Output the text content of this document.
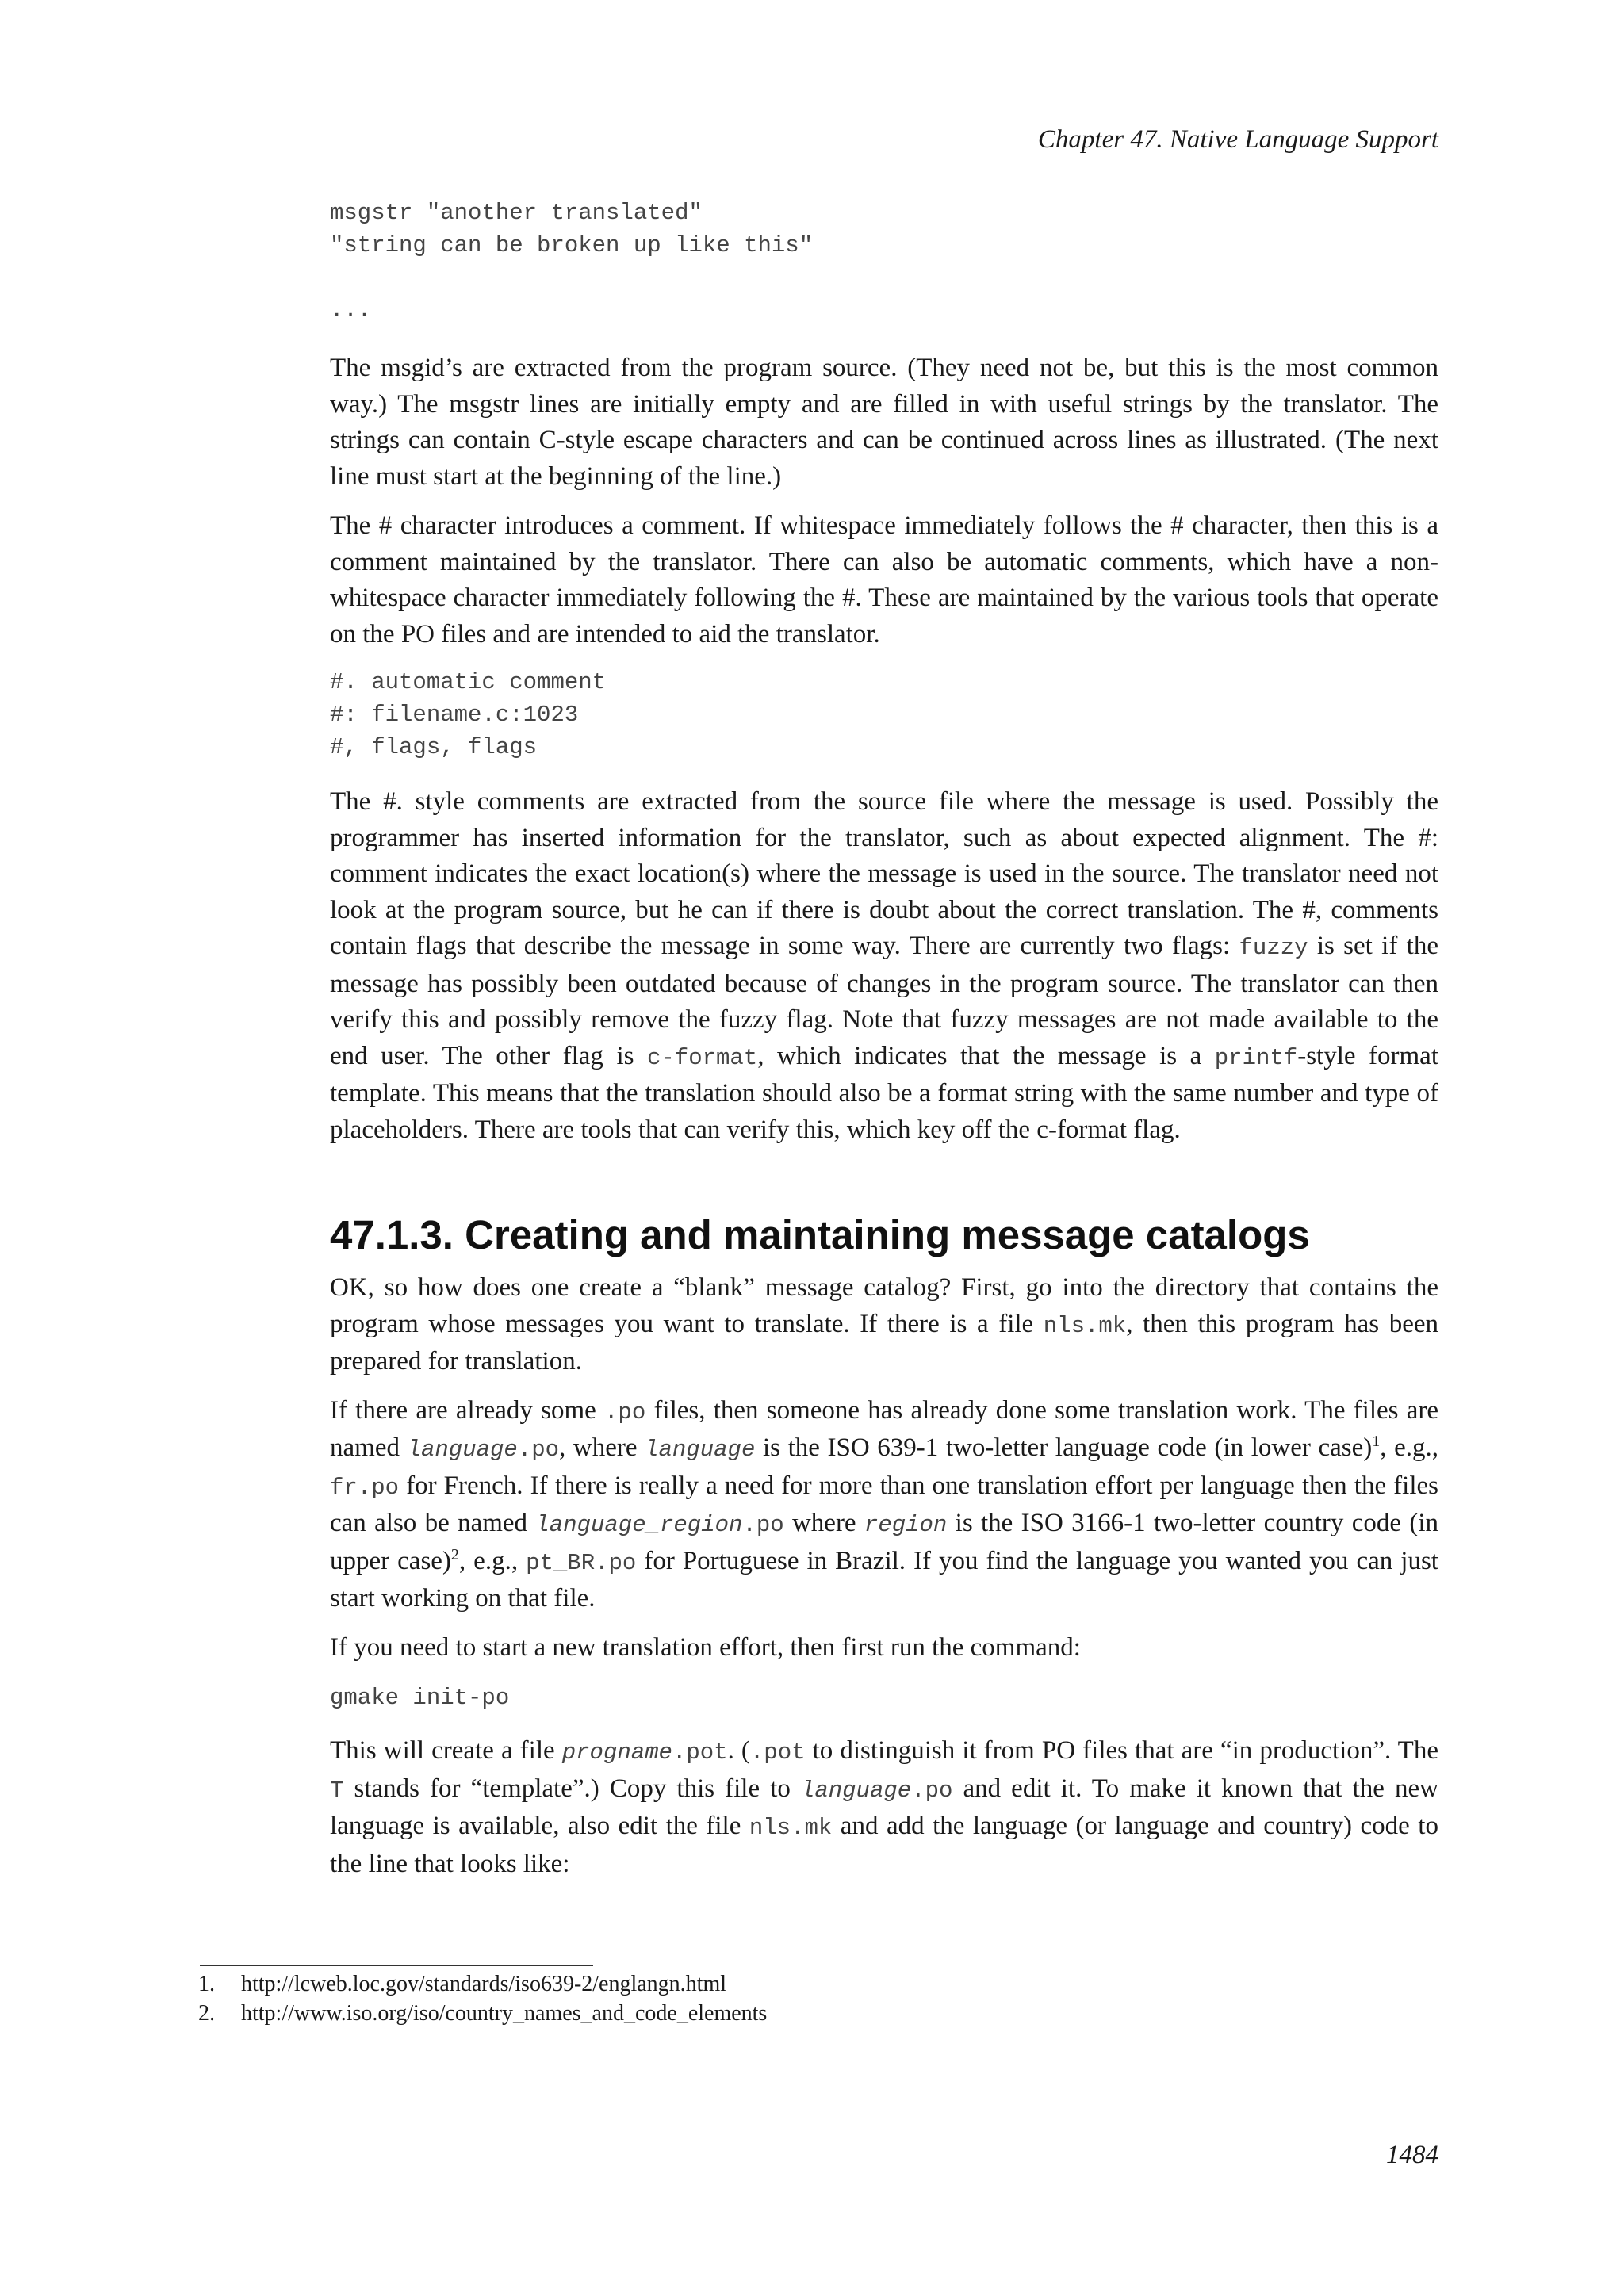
Chapter 47. Native Language Support
msgstr "another translated"
"string can be broken up like this"

...

The msgid’s are extracted from the program source. (They need not be, but this is the most common way.) The msgstr lines are initially empty and are filled in with useful strings by the translator. The strings can contain C-style escape characters and can be continued across lines as illustrated. (The next line must start at the beginning of the line.)

The # character introduces a comment. If whitespace immediately follows the # character, then this is a comment maintained by the translator. There can also be automatic comments, which have a non-whitespace character immediately following the #. These are maintained by the various tools that operate on the PO files and are intended to aid the translator.

#. automatic comment
#: filename.c:1023
#, flags, flags

The #. style comments are extracted from the source file where the message is used. Possibly the programmer has inserted information for the translator, such as about expected alignment. The #: comment indicates the exact location(s) where the message is used in the source. The translator need not look at the program source, but he can if there is doubt about the correct translation. The #, comments contain flags that describe the message in some way. There are currently two flags: fuzzy is set if the message has possibly been outdated because of changes in the program source. The translator can then verify this and possibly remove the fuzzy flag. Note that fuzzy messages are not made available to the end user. The other flag is c-format, which indicates that the message is a printf-style format template. This means that the translation should also be a format string with the same number and type of placeholders. There are tools that can verify this, which key off the c-format flag.

47.1.3. Creating and maintaining message catalogs

OK, so how does one create a “blank” message catalog? First, go into the directory that contains the program whose messages you want to translate. If there is a file nls.mk, then this program has been prepared for translation.

If there are already some .po files, then someone has already done some translation work. The files are named language.po, where language is the ISO 639-1 two-letter language code (in lower case)$^1$, e.g., fr.po for French. If there is really a need for more than one translation effort per language then the files can also be named language_region.po where region is the ISO 3166-1 two-letter country code (in upper case)$^2$, e.g., pt_BR.po for Portuguese in Brazil. If you find the language you wanted you can just start working on that file.

If you need to start a new translation effort, then first run the command:

gmake init-po

This will create a file progname.pot. (.pot to distinguish it from PO files that are “in production”. The T stands for “template”.) Copy this file to language.po and edit it. To make it known that the new language is available, also edit the file nls.mk and add the language (or language and country) code to the line that looks like:

1.	http://lcweb.loc.gov/standards/iso639-2/englangn.html
2.	http://www.iso.org/iso/country_names_and_code_elements
1484
